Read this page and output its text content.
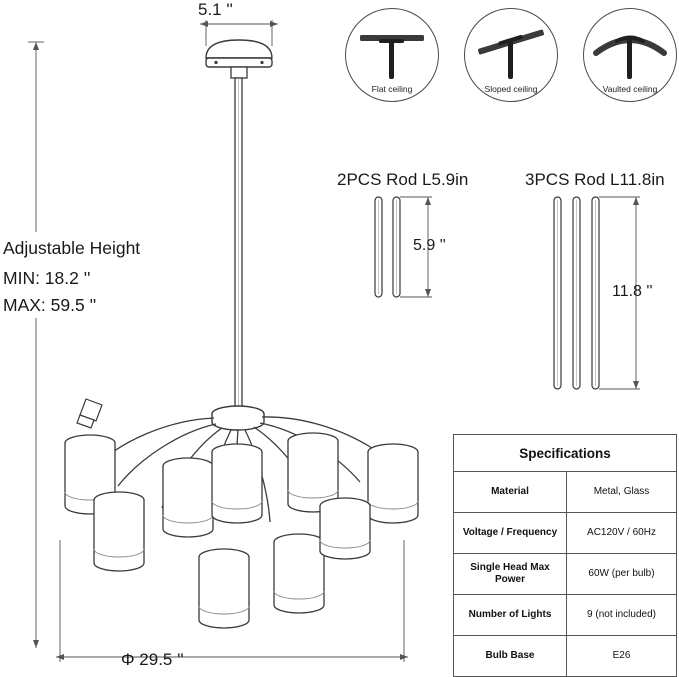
5.1 ''
Adjustable Height
MIN: 18.2 ''
MAX: 59.5 ''
Φ 29.5 ''
Flat ceiling	Sloped ceiling	Vaulted ceiling
2PCS Rod L5.9in
5.9 ''
3PCS Rod L11.8in
11.8 ''
Specifications	
Material	Metal, Glass
Voltage / Frequency	AC120V / 60Hz
Single Head Max Power	60W (per bulb)
Number of Lights	9 (not included)
Bulb Base	E26
